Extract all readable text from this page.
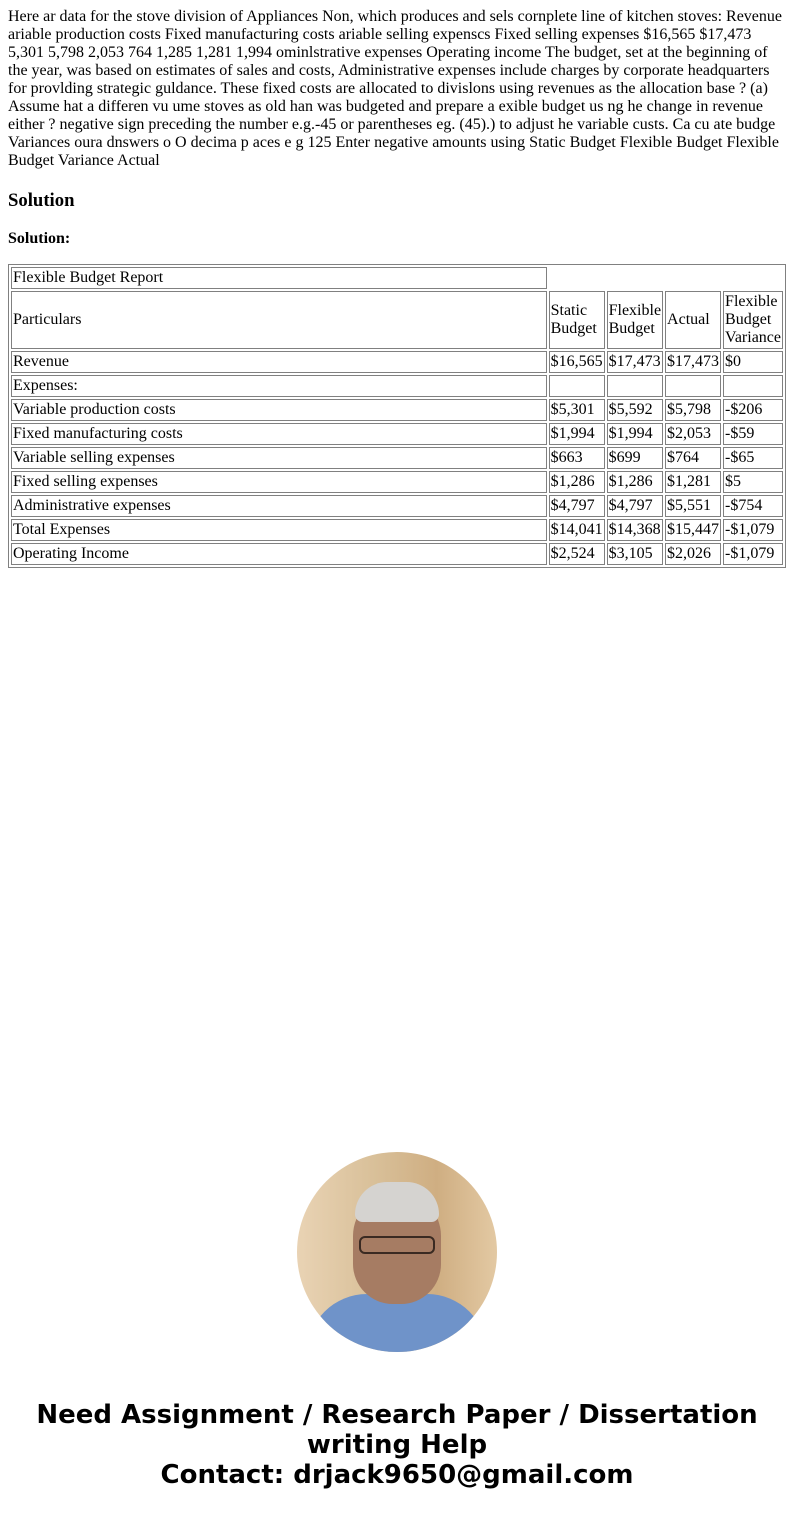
Here ar data for the stove division of Appliances Non, which produces and sels cornplete line of kitchen stoves: Revenue ariable production costs Fixed manufacturing costs ariable selling expenscs Fixed selling expenses $16,565 $17,473 5,301 5,798 2,053 764 1,285 1,281 1,994 ominlstrative expenses Operating income The budget, set at the beginning of the year, was based on estimates of sales and costs, Administrative expenses include charges by corporate headquarters for provlding strategic guldance. These fixed costs are allocated to divislons using revenues as the allocation base ? (a) Assume hat a differen vu ume stoves as old han was budgeted and prepare a exible budget us ng he change in revenue either ? negative sign preceding the number e.g.-45 or parentheses eg. (45).) to adjust he variable custs. Ca cu ate budge Variances oura dnswers o O decima p aces e g 125 Enter negative amounts using Static Budget Flexible Budget Flexible Budget Variance Actual

Solution

Solution:

Flexible Budget Report				
Particulars	Static Budget	Flexible Budget	Actual	Flexible Budget Variance
Revenue	$16,565	$17,473	$17,473	$0
Expenses:				
Variable production costs	$5,301	$5,592	$5,798	-$206
Fixed manufacturing costs	$1,994	$1,994	$2,053	-$59
Variable selling expenses	$663	$699	$764	-$65
Fixed selling expenses	$1,286	$1,286	$1,281	$5
Administrative expenses	$4,797	$4,797	$5,551	-$754
Total Expenses	$14,041	$14,368	$15,447	-$1,079
Operating Income	$2,524	$3,105	$2,026	-$1,079
Need Assignment / Research Paper / Dissertation writing Help
Contact: drjack9650@gmail.com
